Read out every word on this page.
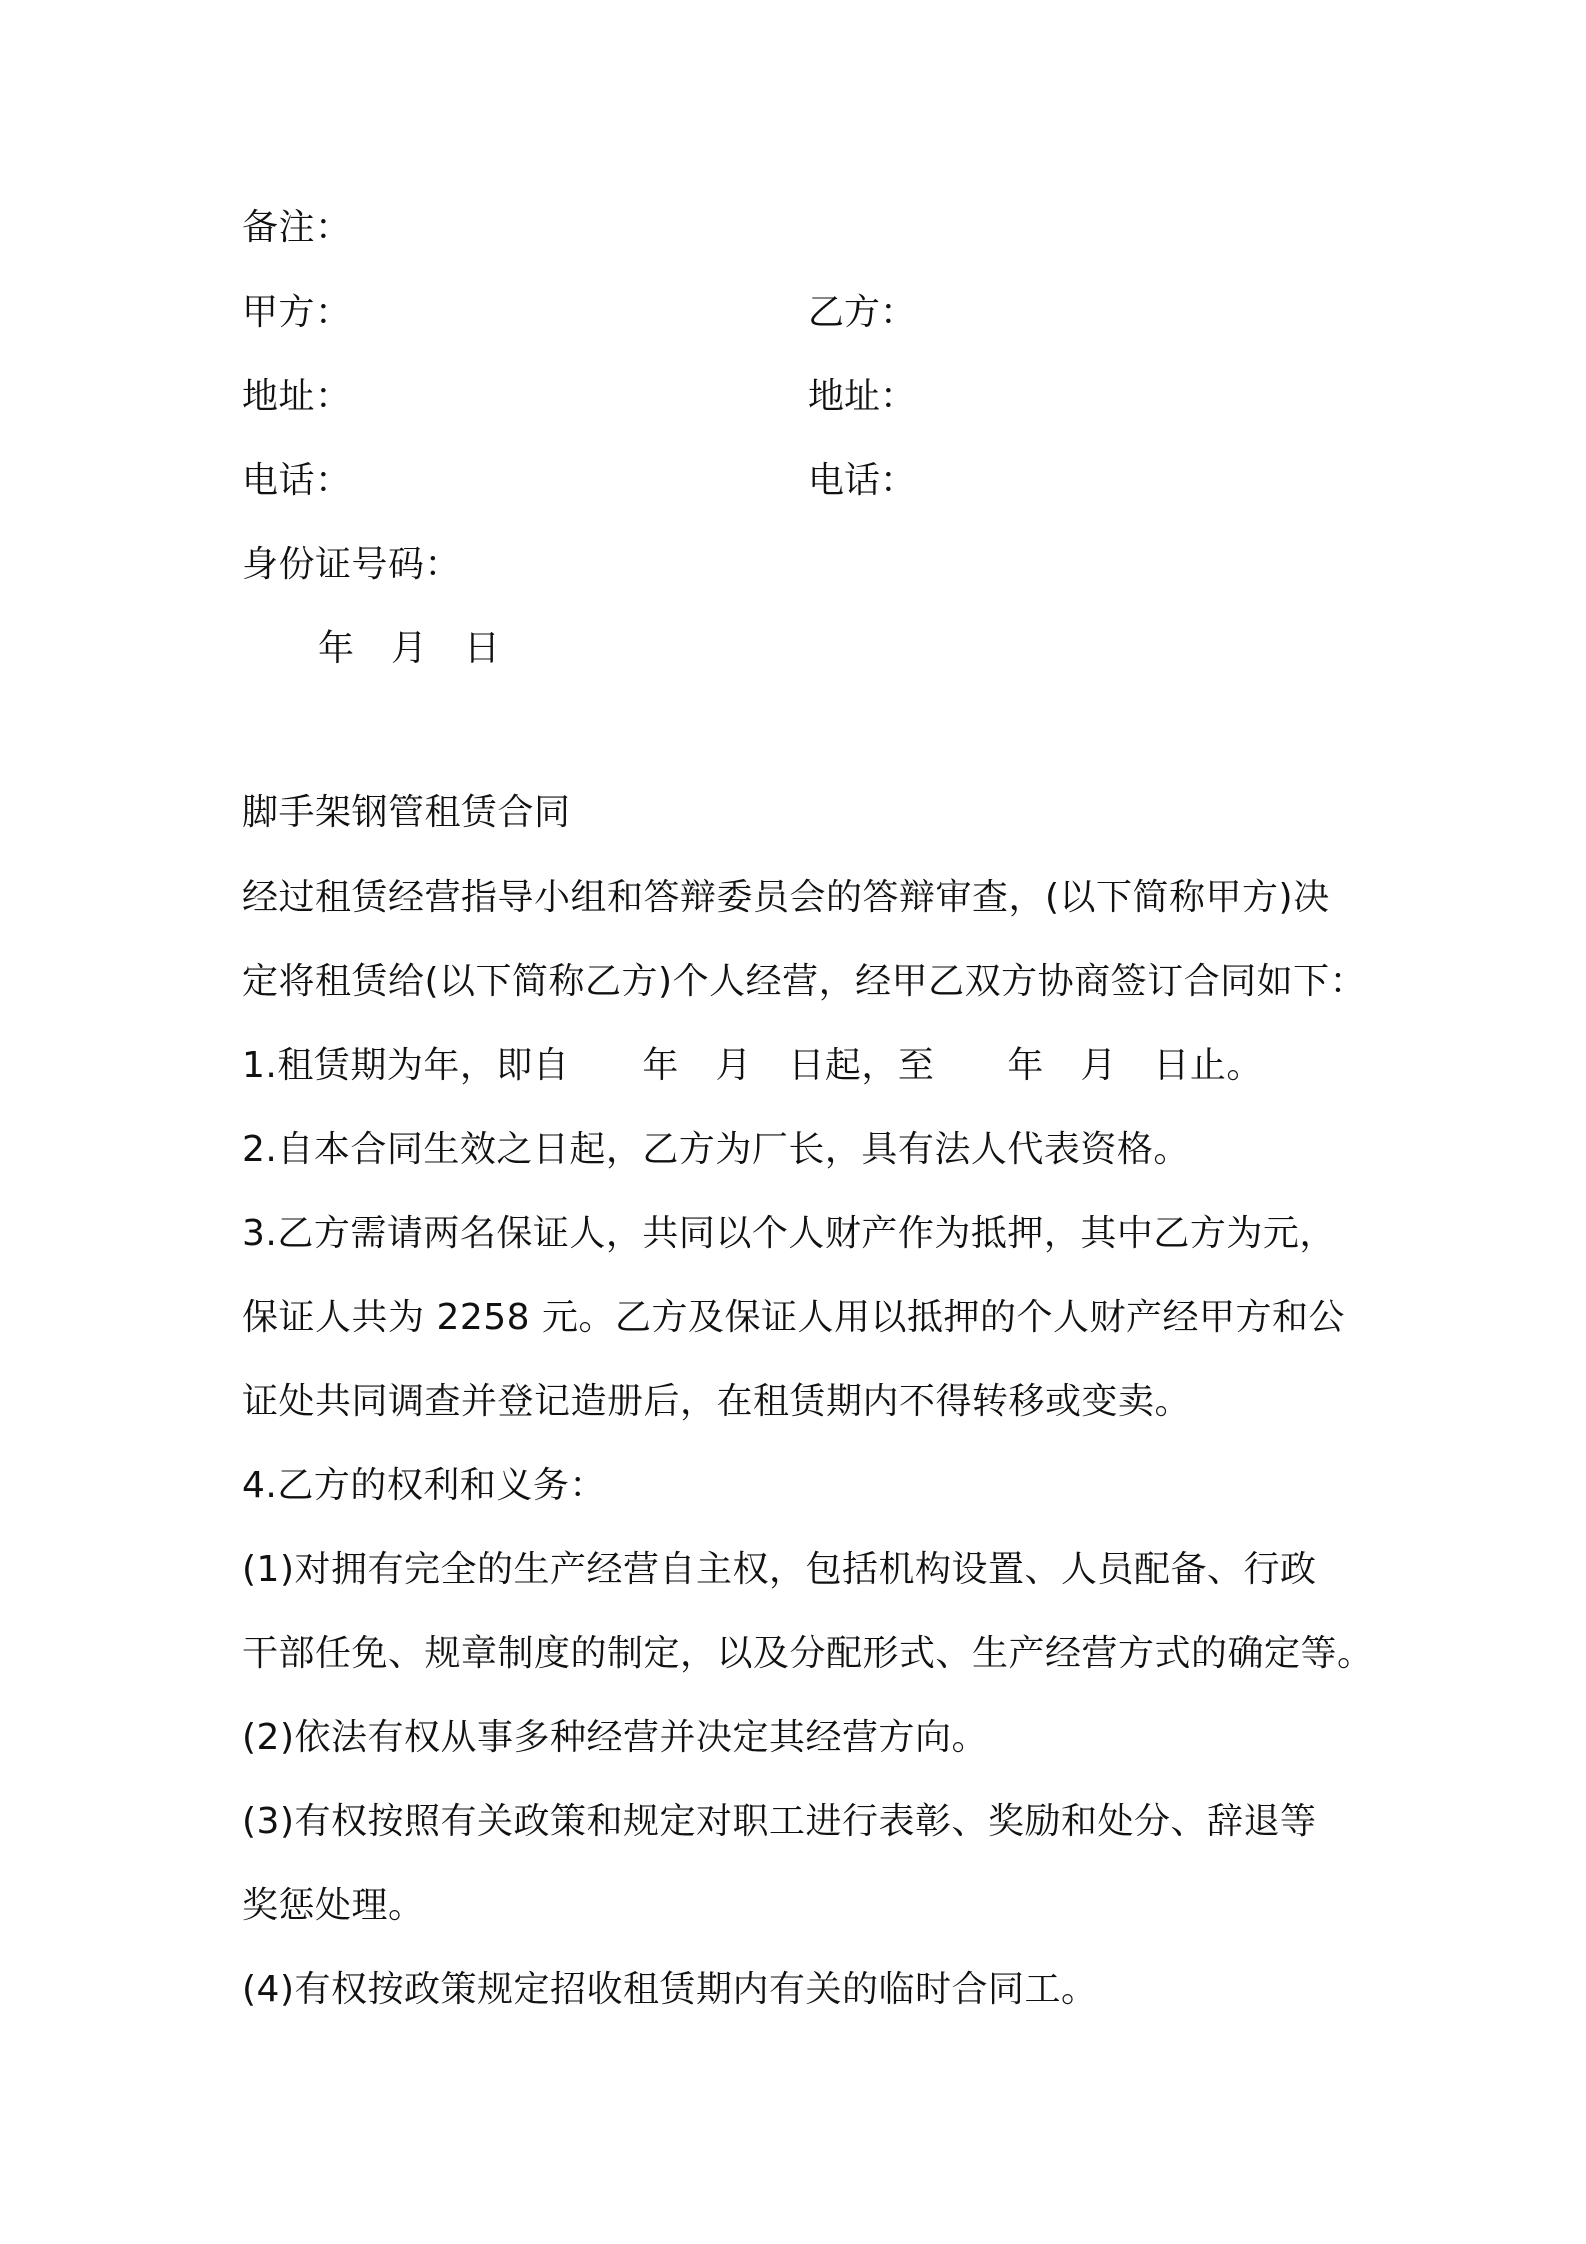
备注：
甲方：	乙方：
地址：	地址：
电话：	电话：
身份证号码：
年　月　日
脚手架钢管租赁合同
经过租赁经营指导小组和答辩委员会的答辩审查，(以下简称甲方)决
定将租赁给(以下简称乙方)个人经营，经甲乙双方协商签订合同如下：
1.租赁期为年，即自　　年　月　日起，至　　年　月　日止。
2.自本合同生效之日起，乙方为厂长，具有法人代表资格。
3.乙方需请两名保证人，共同以个人财产作为抵押，其中乙方为元，
保证人共为 2258 元。乙方及保证人用以抵押的个人财产经甲方和公
证处共同调查并登记造册后，在租赁期内不得转移或变卖。
4.乙方的权利和义务：
(1)对拥有完全的生产经营自主权，包括机构设置、人员配备、行政
干部任免、规章制度的制定，以及分配形式、生产经营方式的确定等。
(2)依法有权从事多种经营并决定其经营方向。
(3)有权按照有关政策和规定对职工进行表彰、奖励和处分、辞退等
奖惩处理。
(4)有权按政策规定招收租赁期内有关的临时合同工。
